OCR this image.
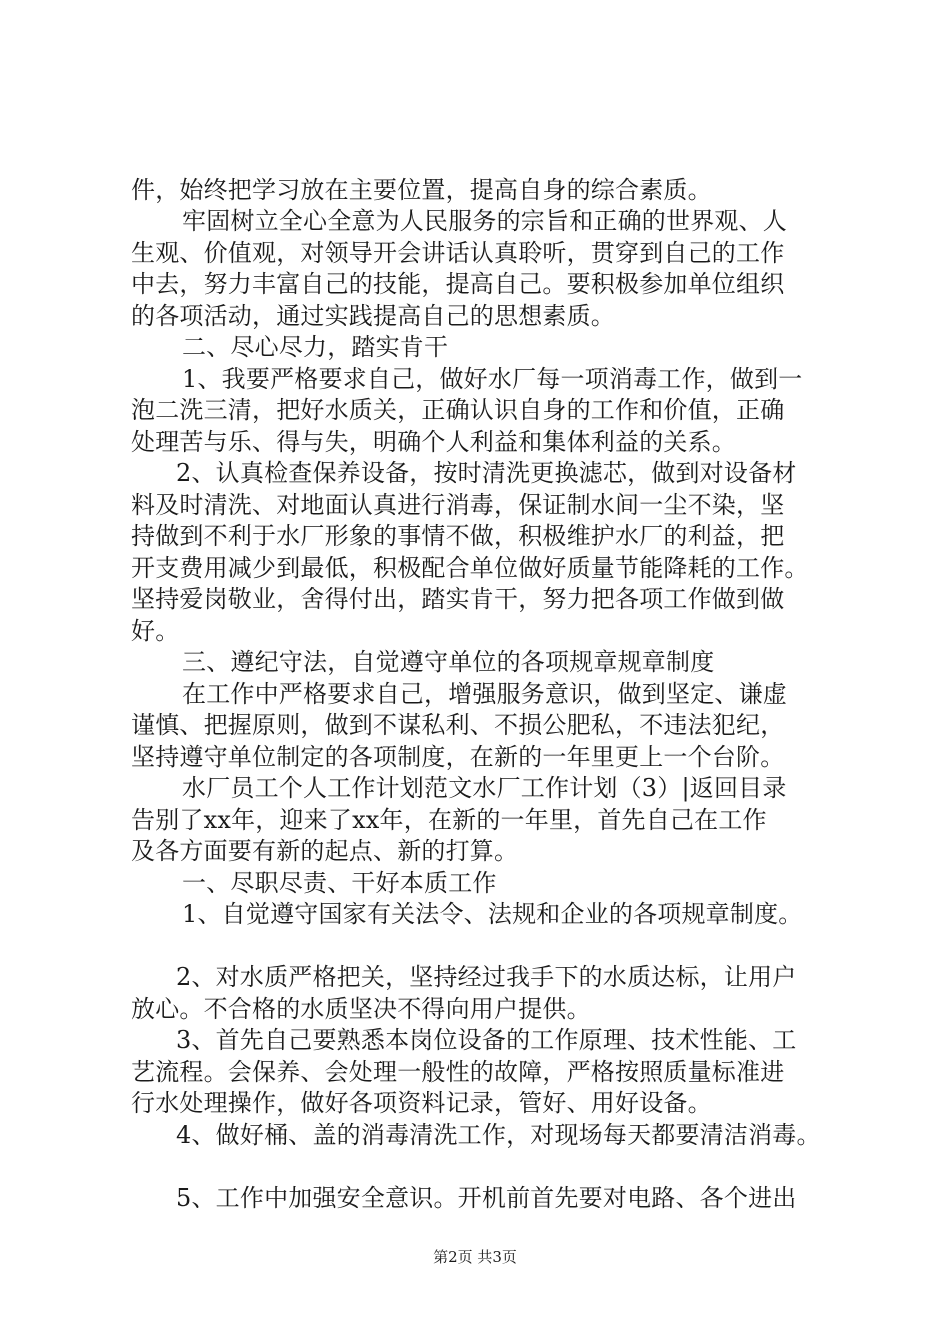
件，始终把学习放在主要位置，提高自身的综合素质。
牢固树立全心全意为人民服务的宗旨和正确的世界观、人
生观、价值观，对领导开会讲话认真聆听，贯穿到自己的工作
中去，努力丰富自己的技能，提高自己。要积极参加单位组织
的各项活动，通过实践提高自己的思想素质。
二、尽心尽力，踏实肯干
1、我要严格要求自己，做好水厂每一项消毒工作，做到一
泡二洗三清，把好水质关，正确认识自身的工作和价值，正确
处理苦与乐、得与失，明确个人利益和集体利益的关系。
2、认真检查保养设备，按时清洗更换滤芯，做到对设备材
料及时清洗、对地面认真进行消毒，保证制水间一尘不染，坚
持做到不利于水厂形象的事情不做，积极维护水厂的利益，把
开支费用减少到最低，积极配合单位做好质量节能降耗的工作。
坚持爱岗敬业，舍得付出，踏实肯干，努力把各项工作做到做
好。
三、遵纪守法，自觉遵守单位的各项规章规章制度
在工作中严格要求自己，增强服务意识，做到坚定、谦虚
谨慎、把握原则，做到不谋私利、不损公肥私，不违法犯纪，
坚持遵守单位制定的各项制度，在新的一年里更上一个台阶。
水厂员工个人工作计划范文水厂工作计划（3）|返回目录
告别了xx年，迎来了xx年，在新的一年里，首先自己在工作
及各方面要有新的起点、新的打算。
一、尽职尽责、干好本质工作
1、自觉遵守国家有关法令、法规和企业的各项规章制度。
2、对水质严格把关，坚持经过我手下的水质达标，让用户
放心。不合格的水质坚决不得向用户提供。
3、首先自己要熟悉本岗位设备的工作原理、技术性能、工
艺流程。会保养、会处理一般性的故障，严格按照质量标准进
行水处理操作，做好各项资料记录，管好、用好设备。
4、做好桶、盖的消毒清洗工作，对现场每天都要清洁消毒。
5、工作中加强安全意识。开机前首先要对电路、各个进出
第2页 共3页
